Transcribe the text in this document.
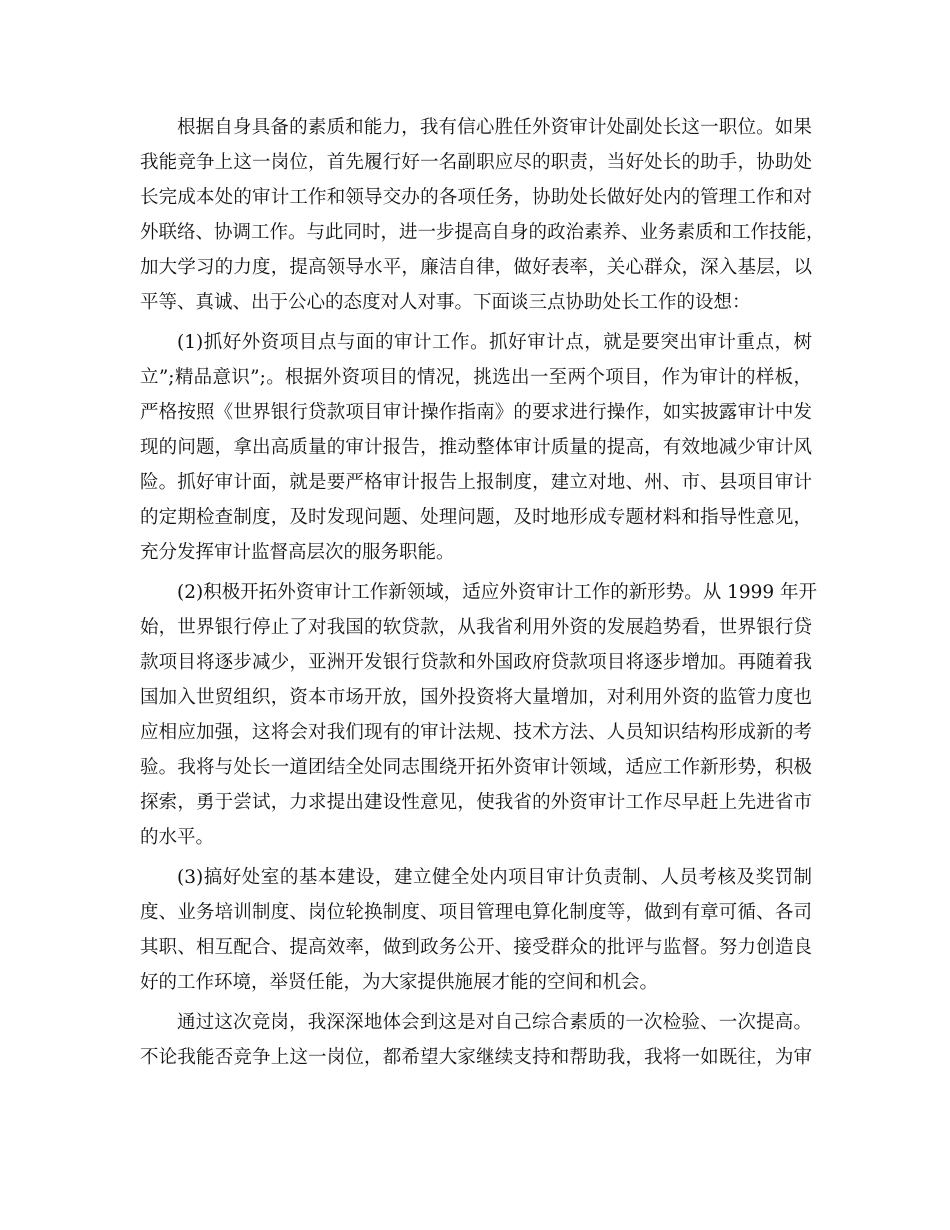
根据自身具备的素质和能力，我有信心胜任外资审计处副处长这一职位。如果
我能竞争上这一岗位，首先履行好一名副职应尽的职责，当好处长的助手，协助处
长完成本处的审计工作和领导交办的各项任务，协助处长做好处内的管理工作和对
外联络、协调工作。与此同时，进一步提高自身的政治素养、业务素质和工作技能，
加大学习的力度，提高领导水平，廉洁自律，做好表率，关心群众，深入基层，以
平等、真诚、出于公心的态度对人对事。下面谈三点协助处长工作的设想：
(1)抓好外资项目点与面的审计工作。抓好审计点，就是要突出审计重点，树
立”;精品意识”;。根据外资项目的情况，挑选出一至两个项目，作为审计的样板，
严格按照《世界银行贷款项目审计操作指南》的要求进行操作，如实披露审计中发
现的问题，拿出高质量的审计报告，推动整体审计质量的提高，有效地减少审计风
险。抓好审计面，就是要严格审计报告上报制度，建立对地、州、市、县项目审计
的定期检查制度，及时发现问题、处理问题，及时地形成专题材料和指导性意见，
充分发挥审计监督高层次的服务职能。
(2)积极开拓外资审计工作新领域，适应外资审计工作的新形势。从 1999 年开
始，世界银行停止了对我国的软贷款，从我省利用外资的发展趋势看，世界银行贷
款项目将逐步减少，亚洲开发银行贷款和外国政府贷款项目将逐步增加。再随着我
国加入世贸组织，资本市场开放，国外投资将大量增加，对利用外资的监管力度也
应相应加强，这将会对我们现有的审计法规、技术方法、人员知识结构形成新的考
验。我将与处长一道团结全处同志围绕开拓外资审计领域，适应工作新形势，积极
探索，勇于尝试，力求提出建设性意见，使我省的外资审计工作尽早赶上先进省市
的水平。
(3)搞好处室的基本建设，建立健全处内项目审计负责制、人员考核及奖罚制
度、业务培训制度、岗位轮换制度、项目管理电算化制度等，做到有章可循、各司
其职、相互配合、提高效率，做到政务公开、接受群众的批评与监督。努力创造良
好的工作环境，举贤任能，为大家提供施展才能的空间和机会。
通过这次竞岗，我深深地体会到这是对自己综合素质的一次检验、一次提高。
不论我能否竞争上这一岗位，都希望大家继续支持和帮助我，我将一如既往，为审
